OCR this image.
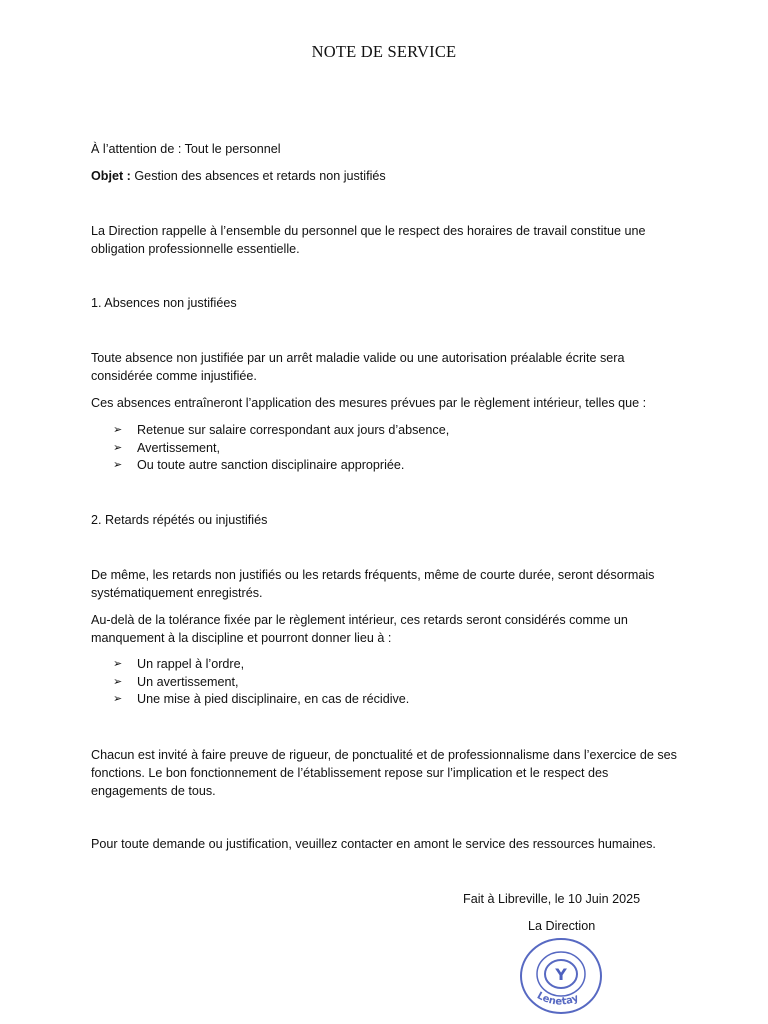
NOTE DE SERVICE

À l’attention de : Tout le personnel

Objet : Gestion des absences et retards non justifiés

La Direction rappelle à l’ensemble du personnel que le respect des horaires de travail constitue une obligation professionnelle essentielle.

1. Absences non justifiées

Toute absence non justifiée par un arrêt maladie valide ou une autorisation préalable écrite sera considérée comme injustifiée.

Ces absences entraîneront l’application des mesures prévues par le règlement intérieur, telles que :

➢ Retenue sur salaire correspondant aux jours d’absence,
➢ Avertissement,
➢ Ou toute autre sanction disciplinaire appropriée.

2. Retards répétés ou injustifiés

De même, les retards non justifiés ou les retards fréquents, même de courte durée, seront désormais systématiquement enregistrés.

Au-delà de la tolérance fixée par le règlement intérieur, ces retards seront considérés comme un manquement à la discipline et pourront donner lieu à :

➢ Un rappel à l’ordre,
➢ Un avertissement,
➢ Une mise à pied disciplinaire, en cas de récidive.

Chacun est invité à faire preuve de rigueur, de ponctualité et de professionnalisme dans l’exercice de ses fonctions. Le bon fonctionnement de l’établissement repose sur l’implication et le respect des engagements de tous.

Pour toute demande ou justification, veuillez contacter en amont le service des ressources humaines.

Fait à Libreville, le 10 Juin 2025
La Direction
Y
Lenetay
